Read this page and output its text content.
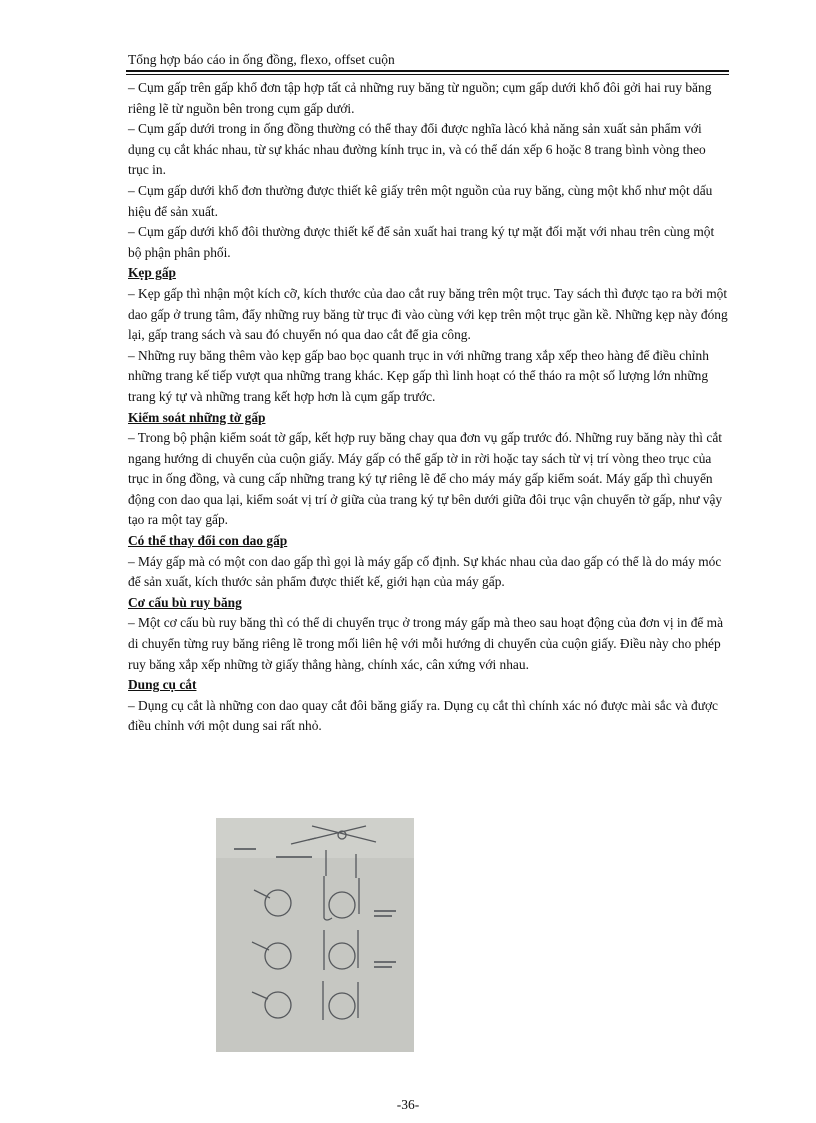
Tổng hợp báo cáo in ống đồng, flexo, offset cuộn

– Cụm gấp trên gấp khổ đơn tập hợp tất cả những ruy băng từ nguồn; cụm gấp dưới khổ đôi gởi hai ruy băng riêng lẽ từ nguồn bên trong cụm gấp dưới.

– Cụm gấp dưới trong in ống đồng thường có thể thay đổi được nghĩa làcó khả năng sản xuất sản phẩm với dụng cụ cắt khác nhau, từ sự khác nhau đường kính trục in, và có thể dán xếp 6 hoặc 8 trang bình vòng theo trục in.

– Cụm gấp dưới khổ đơn thường được thiết kê giấy trên một nguồn của ruy băng, cùng một khổ như một dấu hiệu để sản xuất.

– Cụm gấp dưới khổ đôi thường được thiết kế để sản xuất hai trang ký tự mặt đối mặt với nhau trên cùng một bộ phận phân phối.

Kẹp gấp

– Kẹp gấp thì nhận một kích cỡ, kích thước của dao cắt ruy băng trên một trục. Tay sách thì được tạo ra bởi một dao gấp ở trung tâm, đẩy những ruy băng từ trục đi vào cùng với kẹp trên một trục gần kề. Những kẹp này đóng lại, gấp trang sách và sau đó chuyển nó qua dao cắt để gia công.

– Những ruy băng thêm vào kẹp gấp bao bọc quanh trục in với những trang xắp xếp theo hàng để điều chỉnh những trang kế tiếp vượt qua những trang khác. Kẹp gấp thì linh hoạt có thể tháo ra một số lượng lớn những trang ký tự và những trang kết hợp hơn là cụm gấp trước.

Kiểm soát những tờ gấp

– Trong bộ phận kiểm soát tờ gấp, kết hợp ruy băng chay qua đơn vụ gấp trước đó. Những ruy băng này thì cắt ngang hướng di chuyển của cuộn giấy. Máy gấp có thể gấp tờ in rời hoặc tay sách từ vị trí vòng theo trục của trục in ống đồng, và cung cấp những trang ký tự riêng lẽ để cho máy máy gấp kiểm soát. Máy gấp thì chuyển động con dao qua lại, kiểm soát vị trí ở giữa của trang ký tự bên dưới giữa đôi trục vận chuyển tờ gấp, như vậy tạo ra một tay gấp.

Có thể thay đổi con dao gấp

– Máy gấp mà có một con dao gấp thì gọi là máy gấp cố định. Sự khác nhau của dao gấp có thể là do máy móc để sản xuất, kích thước sản phẩm được thiết kế, giới hạn của máy gấp.

Cơ cấu bù ruy băng

– Một cơ cấu bù ruy băng thì có thể di chuyển trục ở trong máy gấp mà theo sau hoạt động của đơn vị in để mà di chuyển từng ruy băng riêng lẽ trong mối liên hệ với mỗi hướng di chuyển của cuộn giấy. Điều này cho phép ruy băng xắp xếp những tờ giấy thẳng hàng, chính xác, cân xứng với nhau.

Dung cụ cắt

– Dụng cụ cắt là những con dao quay cắt đôi băng giấy ra. Dụng cụ cắt thì chính xác nó được mài sắc và được điều chỉnh với một dung sai rất nhỏ.

-36-
